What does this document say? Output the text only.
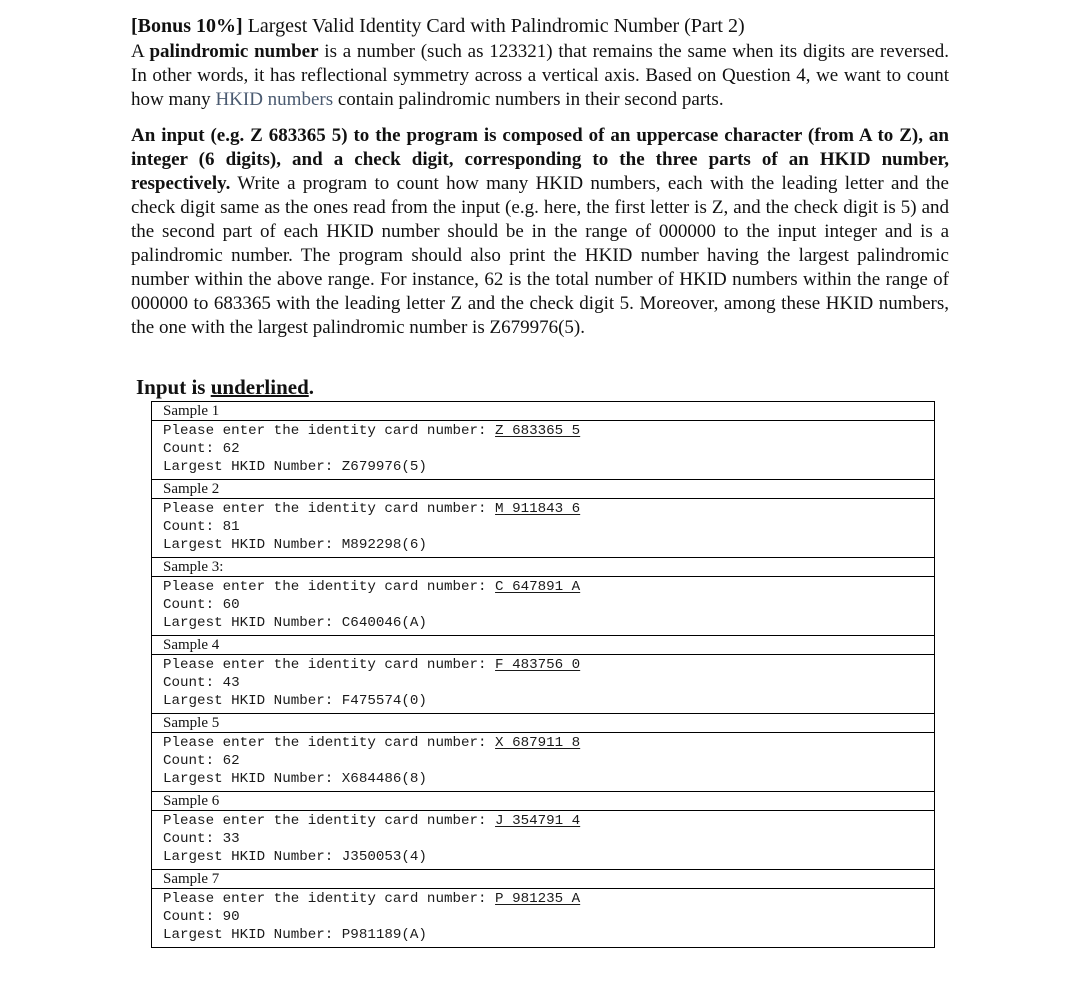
[Bonus 10%] Largest Valid Identity Card with Palindromic Number (Part 2)

A palindromic number is a number (such as 123321) that remains the same when its digits are reversed. In other words, it has reflectional symmetry across a vertical axis. Based on Question 4, we want to count how many HKID numbers contain palindromic numbers in their second parts.

An input (e.g. Z 683365 5) to the program is composed of an uppercase character (from A to Z), an integer (6 digits), and a check digit, corresponding to the three parts of an HKID number, respectively. Write a program to count how many HKID numbers, each with the leading letter and the check digit same as the ones read from the input (e.g. here, the first letter is Z, and the check digit is 5) and the second part of each HKID number should be in the range of 000000 to the input integer and is a palindromic number. The program should also print the HKID number having the largest palindromic number within the above range. For instance, 62 is the total number of HKID numbers within the range of 000000 to 683365 with the leading letter Z and the check digit 5. Moreover, among these HKID numbers, the one with the largest palindromic number is Z679976(5).

Input is underlined.
Sample 1
Please enter the identity card number: Z 683365 5
Count: 62
Largest HKID Number: Z679976(5)
Sample 2
Please enter the identity card number: M 911843 6
Count: 81
Largest HKID Number: M892298(6)
Sample 3:
Please enter the identity card number: C 647891 A
Count: 60
Largest HKID Number: C640046(A)
Sample 4
Please enter the identity card number: F 483756 0
Count: 43
Largest HKID Number: F475574(0)
Sample 5
Please enter the identity card number: X 687911 8
Count: 62
Largest HKID Number: X684486(8)
Sample 6
Please enter the identity card number: J 354791 4
Count: 33
Largest HKID Number: J350053(4)
Sample 7
Please enter the identity card number: P 981235 A
Count: 90
Largest HKID Number: P981189(A)
